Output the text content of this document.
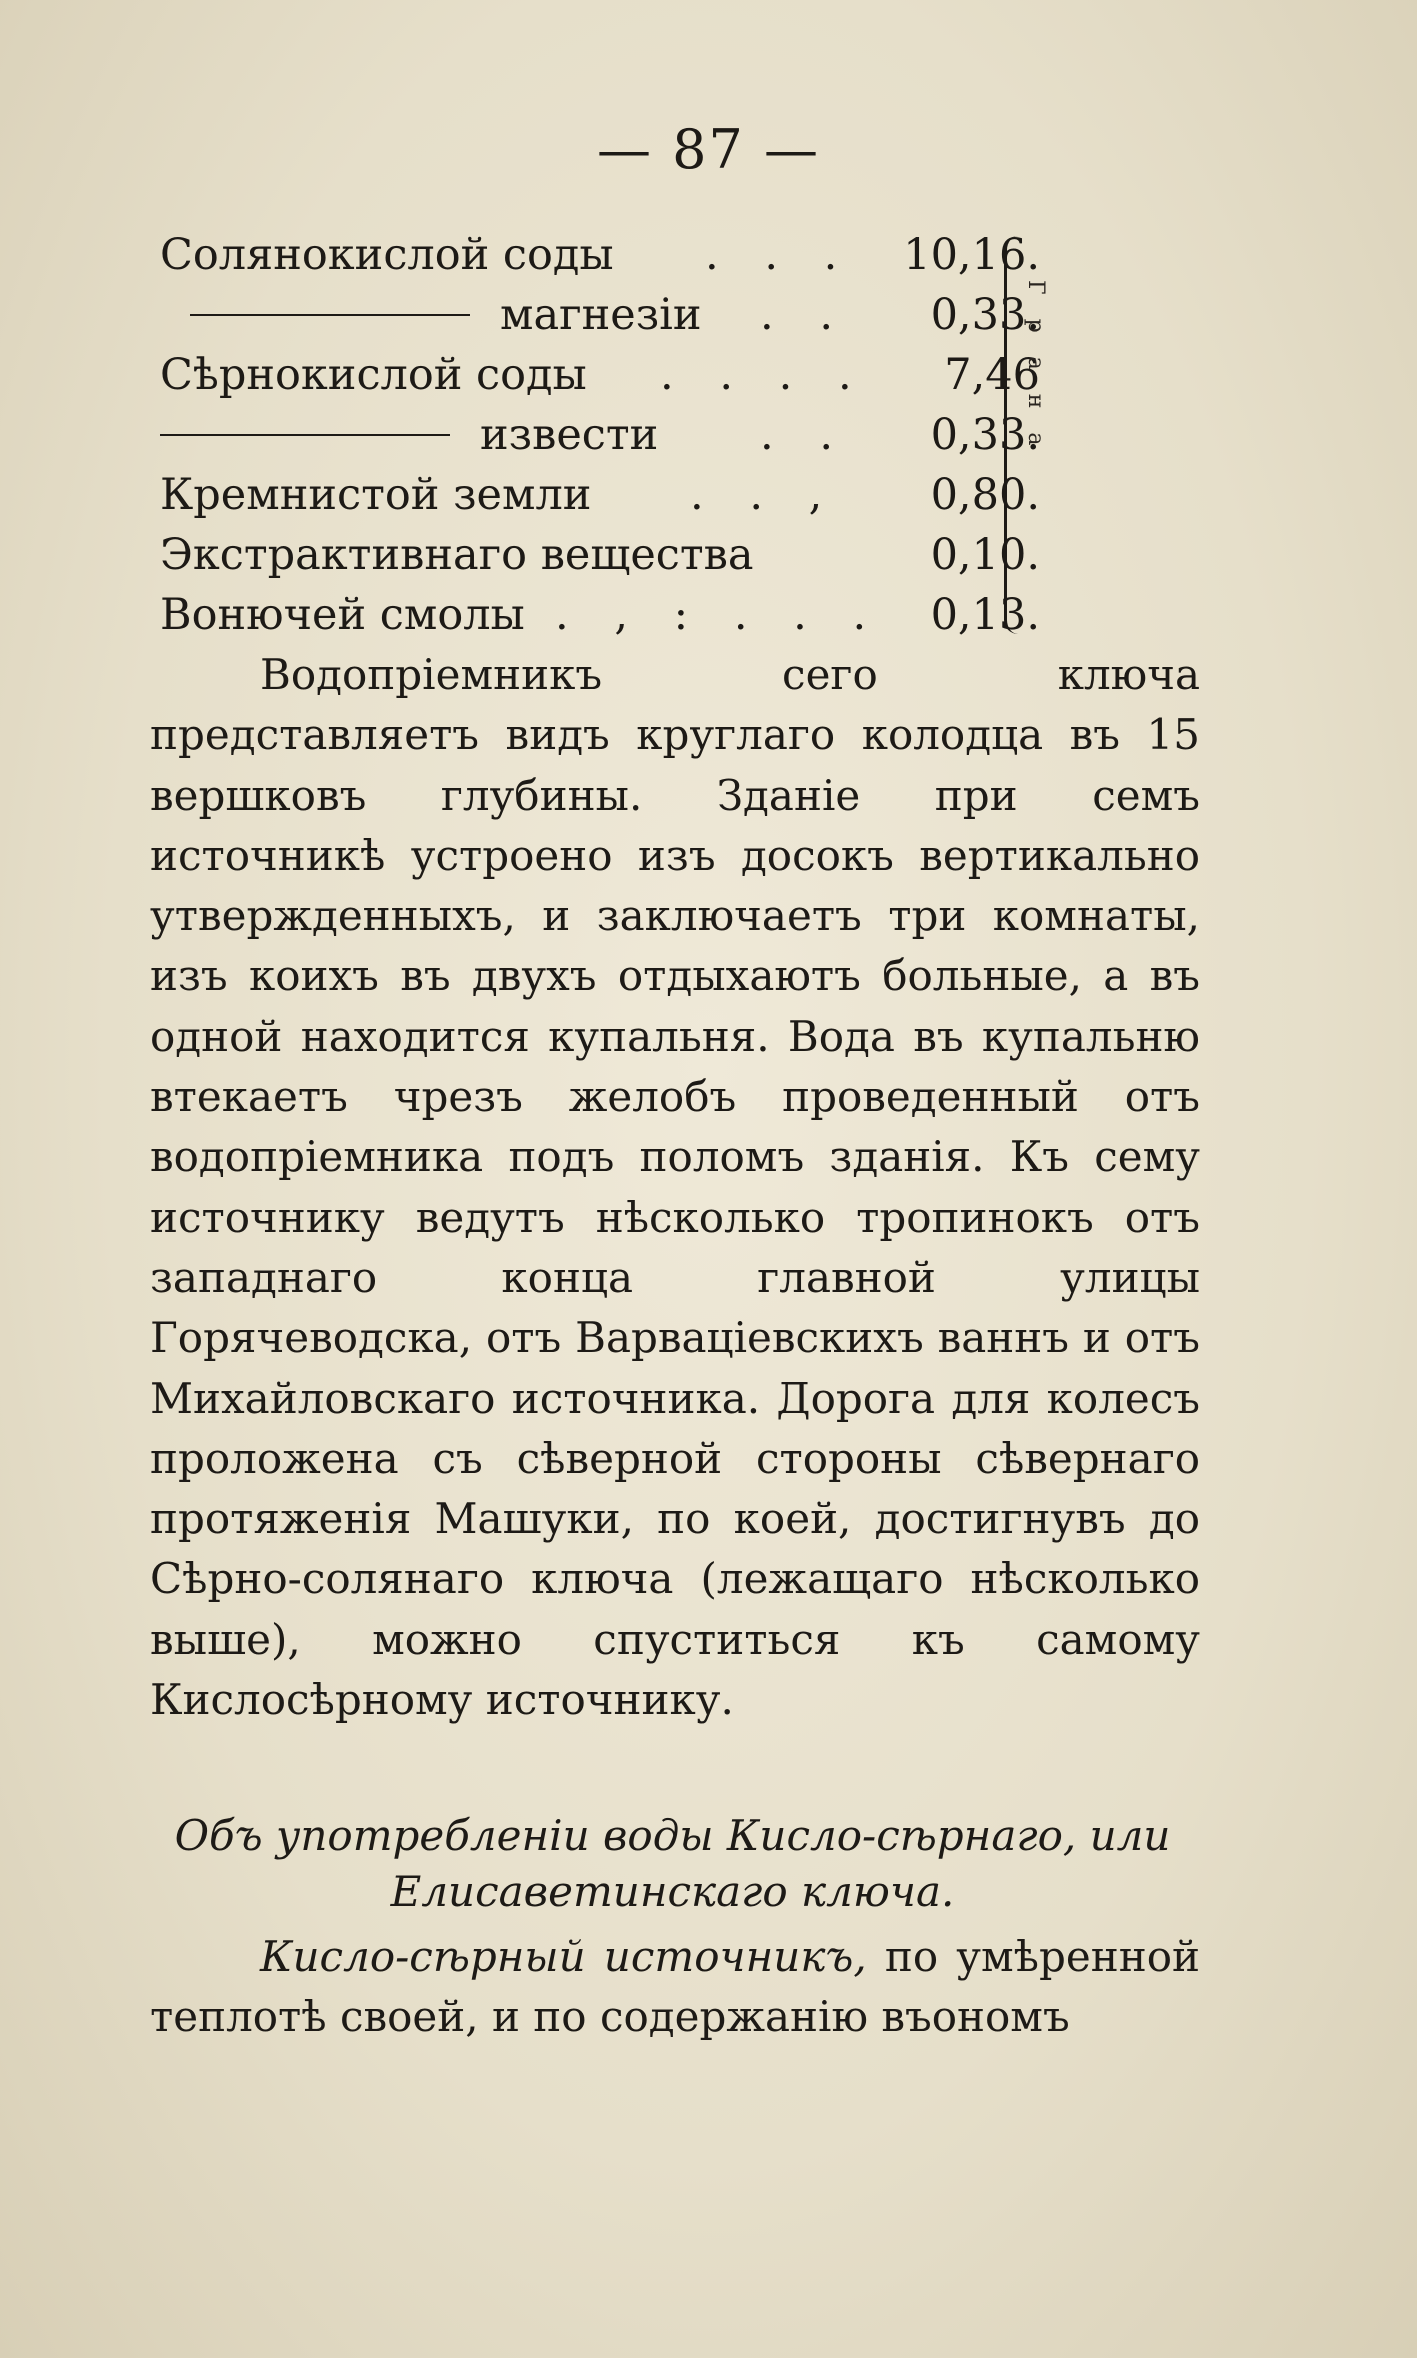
— 87 —
Солянокислой соды . . . 10,16.
магнезіи . . 0,33.
Сѣрнокислой соды . . . . 7,46
извести . . 0,33.
Кремнистой земли . . , 0,80.
Экстрактивнаго вещества	0,10.
Вонючей смолы . , : . . . 0,13.
Грана

Водопріемникъ сего ключа представляетъ видъ круглаго колодца въ 15 вершковъ глубины. Зданіе при семъ источникѣ устроено изъ досокъ вертикально утвержденныхъ, и заключаетъ три комнаты, изъ коихъ въ двухъ отдыхаютъ больные, а въ одной находится купальня. Вода въ купальню втекаетъ чрезъ желобъ проведенный отъ водопріемника подъ поломъ зданія. Къ сему источнику ведутъ нѣсколько тропинокъ отъ западнаго конца главной улицы Горячеводска, отъ Варваціевскихъ ваннъ и отъ Михайловскаго источника. Дорога для колесъ проложена съ сѣверной стороны сѣвернаго протяженія Машуки, по коей, достигнувъ до Сѣрно-солянаго ключа (лежащаго нѣсколько выше), можно спуститься къ самому Кислосѣрному источнику.

Объ употребленіи воды Кисло-сѣрнаго, или
Елисаветинскаго ключа.
Кисло-сѣрный источникъ, по умѣренной теплотѣ своей, и по содержанію въономъ
